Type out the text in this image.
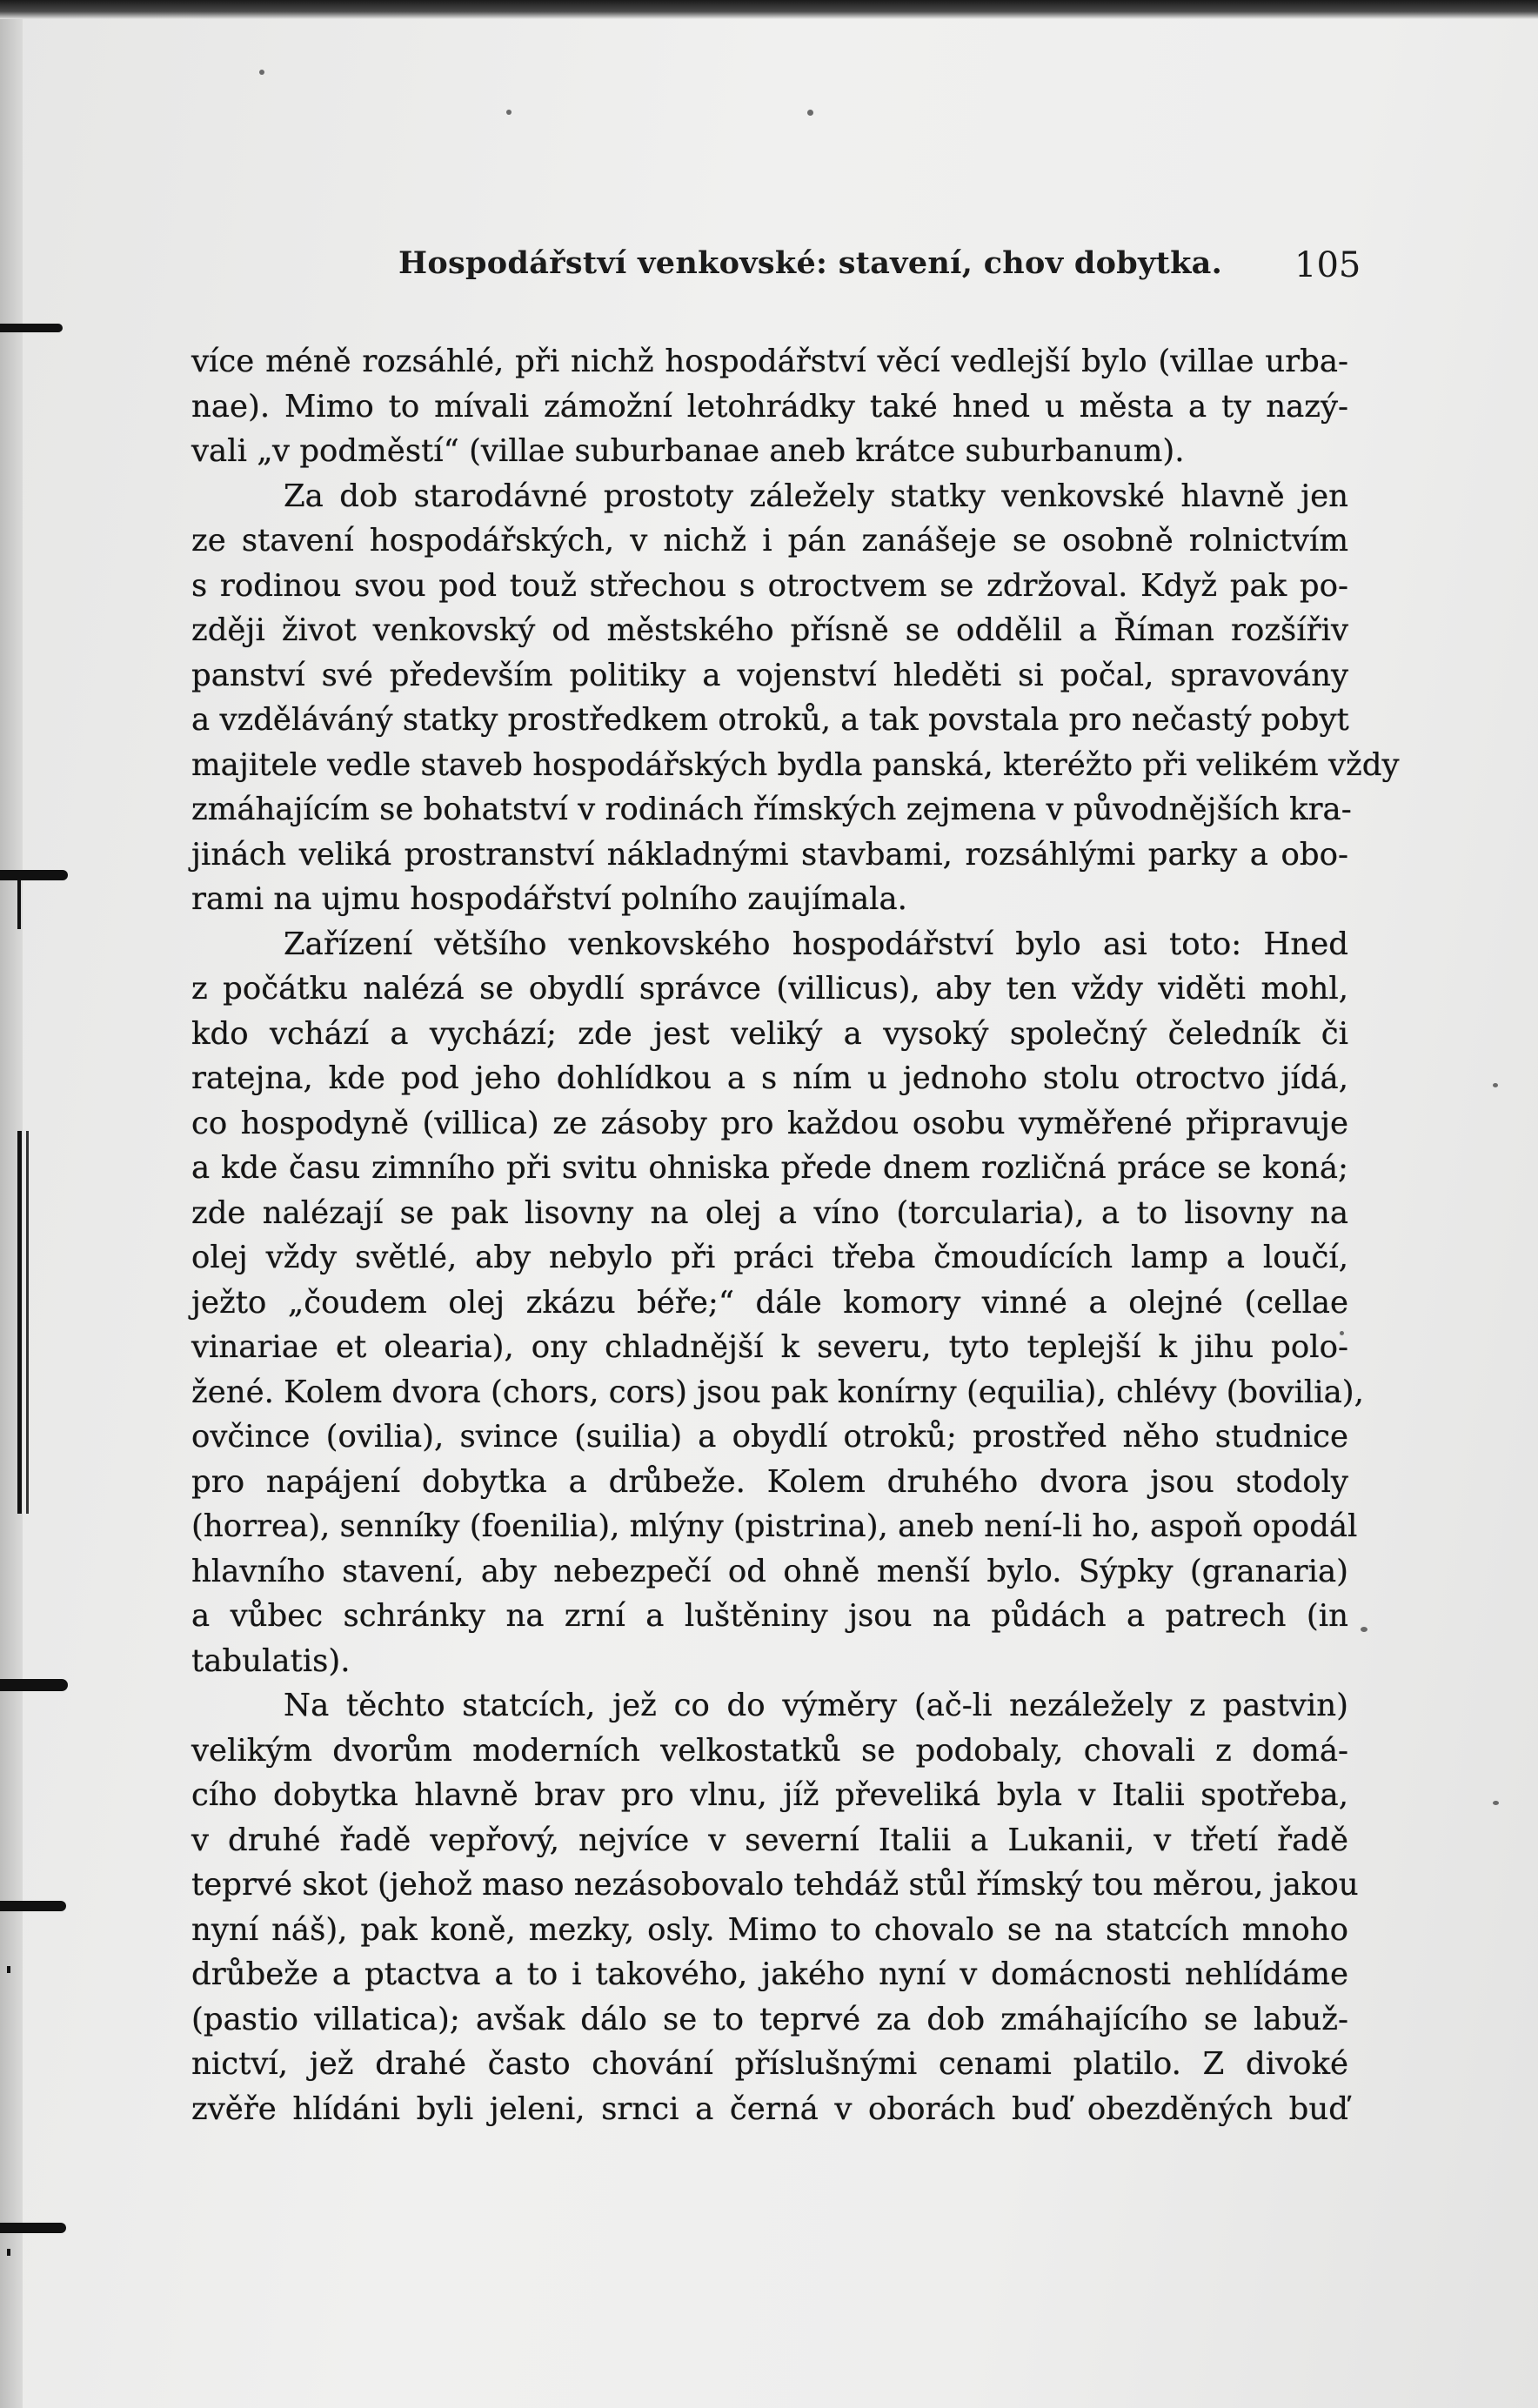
Hospodářství venkovské: stavení, chov dobytka.	105
více méně rozsáhlé, při nichž hospodářství věcí vedlejší bylo (villae urba-
nae). Mimo to mívali zámožní letohrádky také hned u města a ty nazý-
vali „v podměstí“ (villae suburbanae aneb krátce suburbanum).
Za dob starodávné prostoty záležely statky venkovské hlavně jen
ze stavení hospodářských, v nichž i pán zanášeje se osobně rolnictvím
s rodinou svou pod touž střechou s otroctvem se zdržoval. Když pak po-
zději život venkovský od městského přísně se oddělil a Říman rozšířiv
panství své především politiky a vojenství hleděti si počal, spravovány
a vzděláváný statky prostředkem otroků, a tak povstala pro nečastý pobyt
majitele vedle staveb hospodářských bydla panská, kteréžto při velikém vždy
zmáhajícím se bohatství v rodinách římských zejmena v původnějších kra-
jinách veliká prostranství nákladnými stavbami, rozsáhlými parky a obo-
rami na ujmu hospodářství polního zaujímala.
Zařízení většího venkovského hospodářství bylo asi toto: Hned
z počátku nalézá se obydlí správce (villicus), aby ten vždy viděti mohl,
kdo vchází a vychází; zde jest veliký a vysoký společný čeledník či
ratejna, kde pod jeho dohlídkou a s ním u jednoho stolu otroctvo jídá,
co hospodyně (villica) ze zásoby pro každou osobu vyměřené připravuje
a kde času zimního při svitu ohniska přede dnem rozličná práce se koná;
zde nalézají se pak lisovny na olej a víno (torcularia), a to lisovny na
olej vždy světlé, aby nebylo při práci třeba čmoudících lamp a loučí,
ježto „čoudem olej zkázu béře;“ dále komory vinné a olejné (cellae
vinariae et olearia), ony chladnější k severu, tyto teplejší k jihu polo-
žené. Kolem dvora (chors, cors) jsou pak konírny (equilia), chlévy (bovilia),
ovčince (ovilia), svince (suilia) a obydlí otroků; prostřed něho studnice
pro napájení dobytka a drůbeže. Kolem druhého dvora jsou stodoly
(horrea), senníky (foenilia), mlýny (pistrina), aneb není-li ho, aspoň opodál
hlavního stavení, aby nebezpečí od ohně menší bylo. Sýpky (granaria)
a vůbec schránky na zrní a luštěniny jsou na půdách a patrech (in
tabulatis).
Na těchto statcích, jež co do výměry (ač-li nezáležely z pastvin)
velikým dvorům moderních velkostatků se podobaly, chovali z domá-
cího dobytka hlavně brav pro vlnu, jíž převeliká byla v Italii spotřeba,
v druhé řadě vepřový, nejvíce v severní Italii a Lukanii, v třetí řadě
teprvé skot (jehož maso nezásobovalo tehdáž stůl římský tou měrou, jakou
nyní náš), pak koně, mezky, osly. Mimo to chovalo se na statcích mnoho
drůbeže a ptactva a to i takového, jakého nyní v domácnosti nehlídáme
(pastio villatica); avšak dálo se to teprvé za dob zmáhajícího se labuž-
nictví, jež drahé často chování příslušnými cenami platilo. Z divoké
zvěře hlídáni byli jeleni, srnci a černá v oborách buď obezděných buď
